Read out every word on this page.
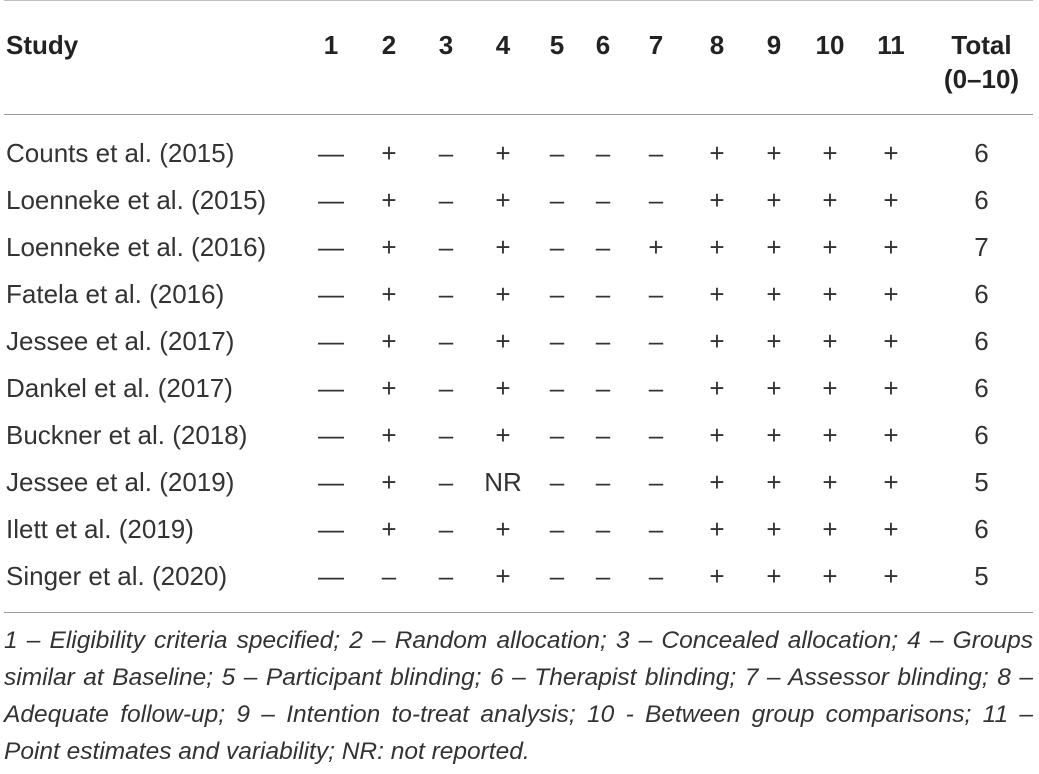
Study	1	2	3	4	5	6	7	8	9	10	11	Total
(0–10)

Counts et al. (2015)	—	+	–	+	–	–	–	+	+	+	+	6
Loenneke et al. (2015)	—	+	–	+	–	–	–	+	+	+	+	6
Loenneke et al. (2016)	—	+	–	+	–	–	+	+	+	+	+	7
Fatela et al. (2016)	—	+	–	+	–	–	–	+	+	+	+	6
Jessee et al. (2017)	—	+	–	+	–	–	–	+	+	+	+	6
Dankel et al. (2017)	—	+	–	+	–	–	–	+	+	+	+	6
Buckner et al. (2018)	—	+	–	+	–	–	–	+	+	+	+	6
Jessee et al. (2019)	—	+	–	NR	–	–	–	+	+	+	+	5
Ilett et al. (2019)	—	+	–	+	–	–	–	+	+	+	+	6
Singer et al. (2020)	—	–	–	+	–	–	–	+	+	+	+	5
1 – Eligibility criteria specified; 2 – Random allocation; 3 – Concealed allocation; 4 – Groups similar at Baseline; 5 – Participant blinding; 6 – Therapist blinding; 7 – Assessor blinding; 8 – Adequate follow-up; 9 – Intention to-treat analysis; 10 - Between group comparisons; 11 – Point estimates and variability; NR: not reported.
